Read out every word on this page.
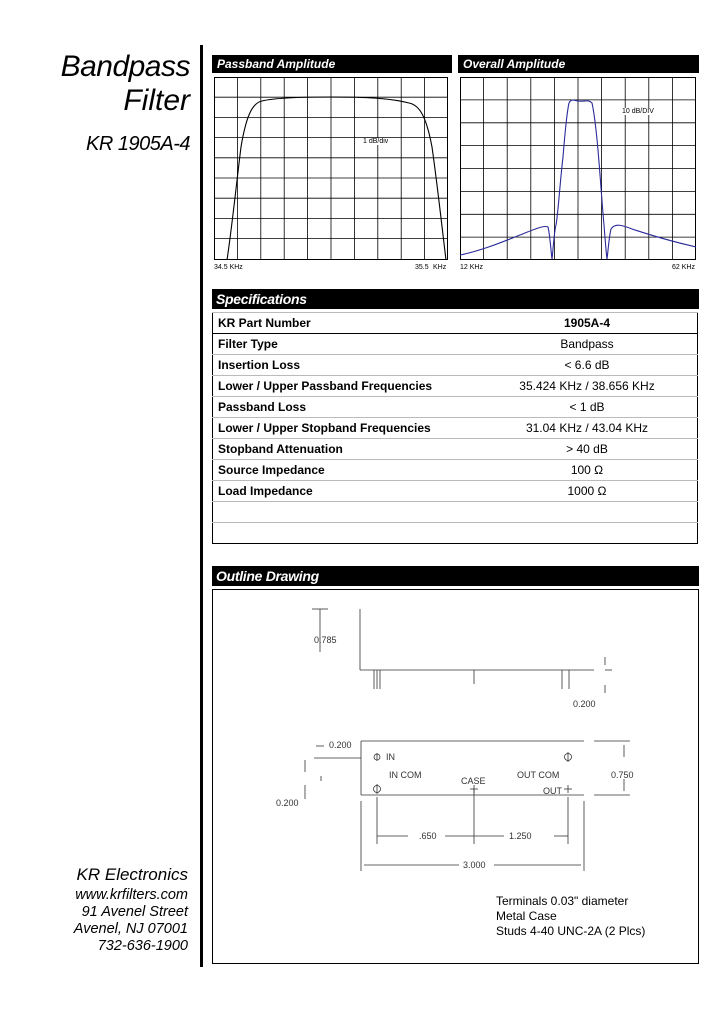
Bandpass
Filter
KR 1905A-4
KR Electronics
www.krfilters.com
91 Avenel Street
Avenel, NJ 07001
732-636-1900
Passband Amplitude	Overall Amplitude
1 dB/div
34.5 KHz	35.5 KHz
10 dB/DIV
12 KHz	62 KHz
Specifications
KR Part Number	1905A-4
Filter Type	Bandpass
Insertion Loss	< 6.6 dB
Lower / Upper Passband Frequencies	35.424 KHz / 38.656 KHz
Passband Loss	< 1 dB
Lower / Upper Stopband Frequencies	31.04 KHz / 43.04 KHz
Stopband Attenuation	> 40 dB
Source Impedance	100 Ω
Load Impedance	1000 Ω

Outline Drawing
0.785
0.200
0.200
0.200
0.750
.650	1.250
3.000
IN
IN COM
CASE
OUT COM
OUT
Terminals 0.03" diameter
Metal Case
Studs 4-40 UNC-2A (2 Plcs)
